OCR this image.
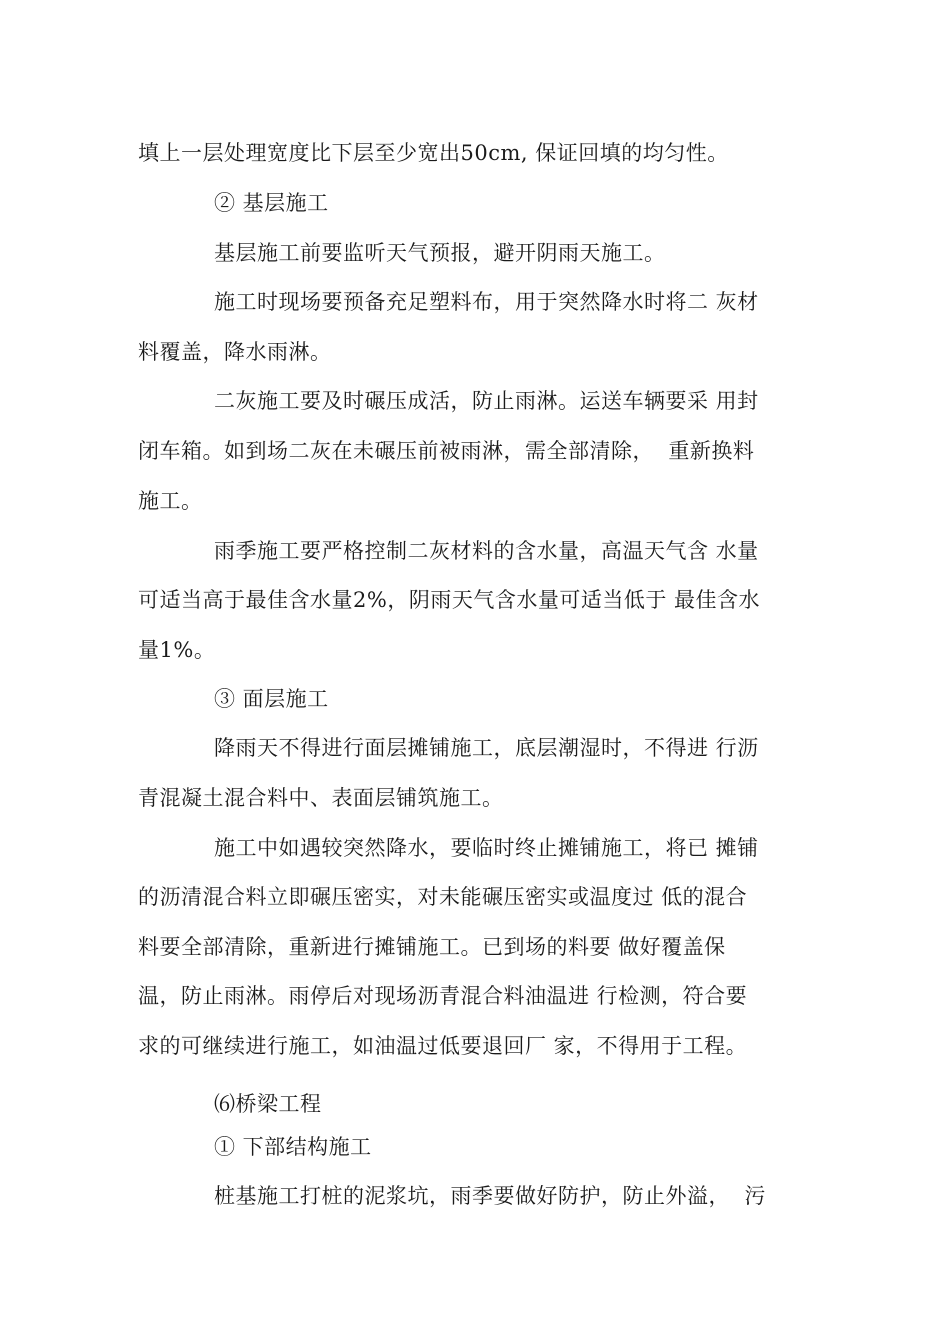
填上一层处理宽度比下层至少宽出50cm, 保证回填的均匀性。
② 基层施工
基层施工前要监听天气预报，避开阴雨天施工。
施工时现场要预备充足塑料布，用于突然降水时将二 灰材
料覆盖，降水雨淋。
二灰施工要及时碾压成活，防止雨淋。运送车辆要采 用封
闭车箱。如到场二灰在未碾压前被雨淋，需全部清除，  重新换料
施工。
雨季施工要严格控制二灰材料的含水量，高温天气含 水量
可适当高于最佳含水量2%，阴雨天气含水量可适当低于 最佳含水
量1%。
③ 面层施工
降雨天不得进行面层摊铺施工，底层潮湿时，不得进 行沥
青混凝土混合料中、表面层铺筑施工。
施工中如遇较突然降水，要临时终止摊铺施工，将已 摊铺
的沥清混合料立即碾压密实，对未能碾压密实或温度过 低的混合
料要全部清除，重新进行摊铺施工。已到场的料要 做好覆盖保
温，防止雨淋。雨停后对现场沥青混合料油温进 行检测，符合要
求的可继续进行施工，如油温过低要退回厂 家，不得用于工程。
⑹桥梁工程
① 下部结构施工
桩基施工打桩的泥浆坑，雨季要做好防护，防止外溢，  污
